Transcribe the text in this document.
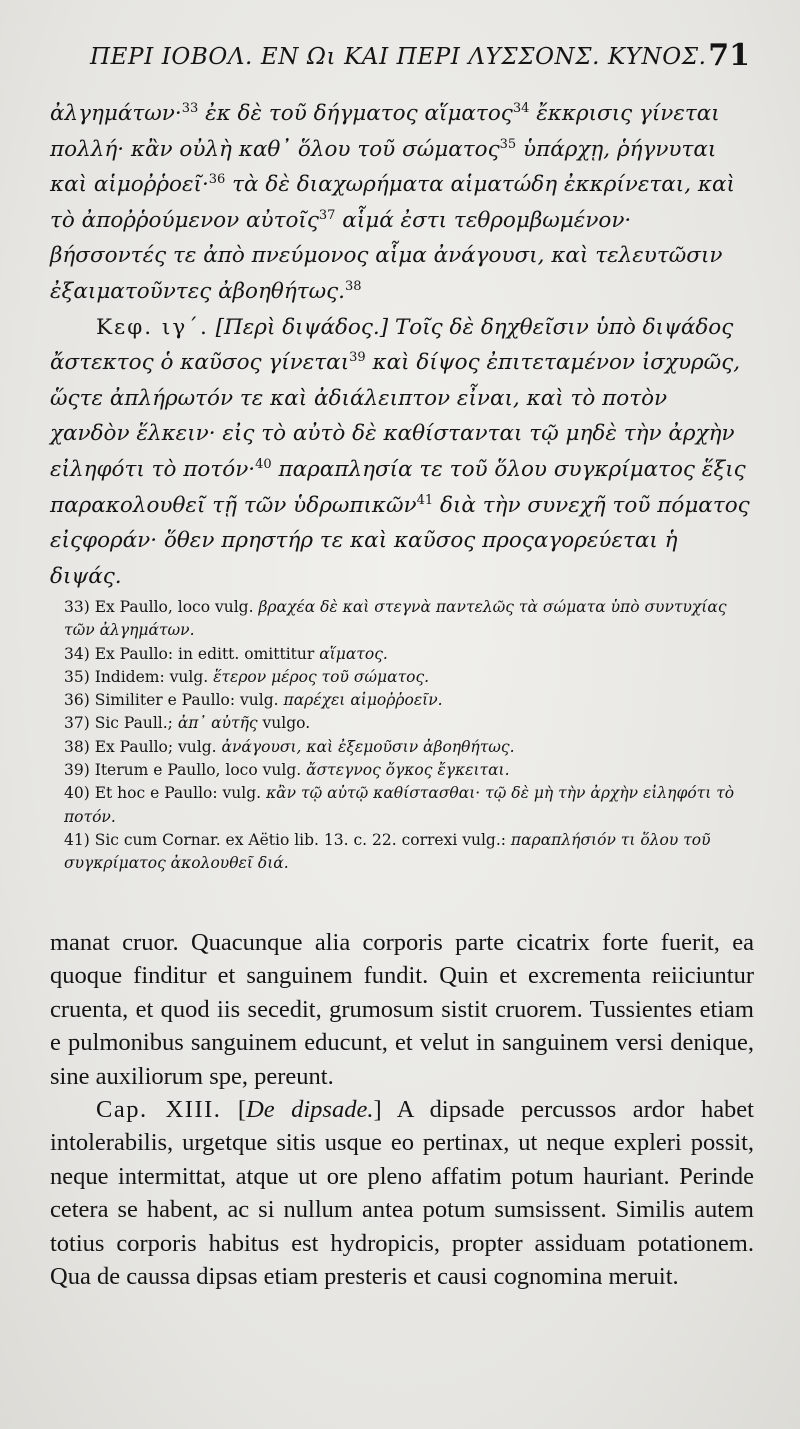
ΠΕΡΙ ΙΟΒΟΛ. ΕΝ Ωι ΚΑΙ ΠΕΡΙ ΛΥΣΣΟΝΣ. ΚΥΝΟΣ. 71

ἀλγημάτων·$^{33}$ ἐκ δὲ τοῦ δήγματος αἵματος$^{34}$ ἔκκρισις γίνεται πολλή· κἂν οὐλὴ καθ᾿ ὅλου τοῦ σώματος$^{35}$ ὑπάρχῃ, ῥήγνυται καὶ αἱμοῤῥοεῖ·$^{36}$ τὰ δὲ διαχωρήματα αἱματώδη ἐκκρίνεται, καὶ τὸ ἀποῤῥούμενον αὐτοῖς$^{37}$ αἷμά ἐστι τεθρομβωμένον· βήσσοντές τε ἀπὸ πνεύμονος αἷμα ἀνάγουσι, καὶ τελευτῶσιν ἐξαιματοῦντες ἀβοηθήτως.$^{38}$

Κεφ. ιγ΄. [Περὶ διψάδος.] Τοῖς δὲ δηχθεῖσιν ὑπὸ διψάδος ἄστεκτος ὁ καῦσος γίνεται$^{39}$ καὶ δίψος ἐπιτεταμένον ἰσχυρῶς, ὥςτε ἀπλήρωτόν τε καὶ ἀδιάλειπτον εἶναι, καὶ τὸ ποτὸν χανδὸν ἕλκειν· εἰς τὸ αὐτὸ δὲ καθίστανται τῷ μηδὲ τὴν ἀρχὴν εἰληφότι τὸ ποτόν·$^{40}$ παραπλησία τε τοῦ ὅλου συγκρίματος ἕξις παρακολουθεῖ τῇ τῶν ὑδρωπικῶν$^{41}$ διὰ τὴν συνεχῆ τοῦ πόματος εἰςφοράν· ὅθεν πρηστήρ τε καὶ καῦσος προςαγορεύεται ἡ διψάς.

33) Ex Paullo, loco vulg. βραχέα δὲ καὶ στεγνὰ παντελῶς τὰ σώματα ὑπὸ συντυχίας τῶν ἀλγημάτων.

34) Ex Paullo: in editt. omittitur αἵματος.

35) Indidem: vulg. ἕτερον μέρος τοῦ σώματος.

36) Similiter e Paullo: vulg. παρέχει αἱμοῤῥοεῖν.

37) Sic Paull.; ἀπ᾿ αὐτῆς vulgo.

38) Ex Paullo; vulg. ἀνάγουσι, καὶ ἐξεμοῦσιν ἀβοηθήτως.

39) Iterum e Paullo, loco vulg. ἄστεγνος ὄγκος ἔγκειται.

40) Et hoc e Paullo: vulg. κἂν τῷ αὐτῷ καθίστασθαι· τῷ δὲ μὴ τὴν ἀρχὴν εἰληφότι τὸ ποτόν.

41) Sic cum Cornar. ex Aëtio lib. 13. c. 22. correxi vulg.: παραπλήσιόν τι ὅλου τοῦ συγκρίματος ἀκολουθεῖ διά.

manat cruor. Quacunque alia corporis parte cicatrix forte fuerit, ea quoque finditur et sanguinem fundit. Quin et excrementa reiiciuntur cruenta, et quod iis secedit, grumosum sistit cruorem. Tussientes etiam e pulmonibus sanguinem educunt, et velut in sanguinem versi denique, sine auxiliorum spe, pereunt.

Cap. XIII. [De dipsade.] A dipsade percussos ardor habet intolerabilis, urgetque sitis usque eo pertinax, ut neque expleri possit, neque intermittat, atque ut ore pleno affatim potum hauriant. Perinde cetera se habent, ac si nullum antea potum sumsissent. Similis autem totius corporis habitus est hydropicis, propter assiduam potationem. Qua de caussa dipsas etiam presteris et causi cognomina meruit.
